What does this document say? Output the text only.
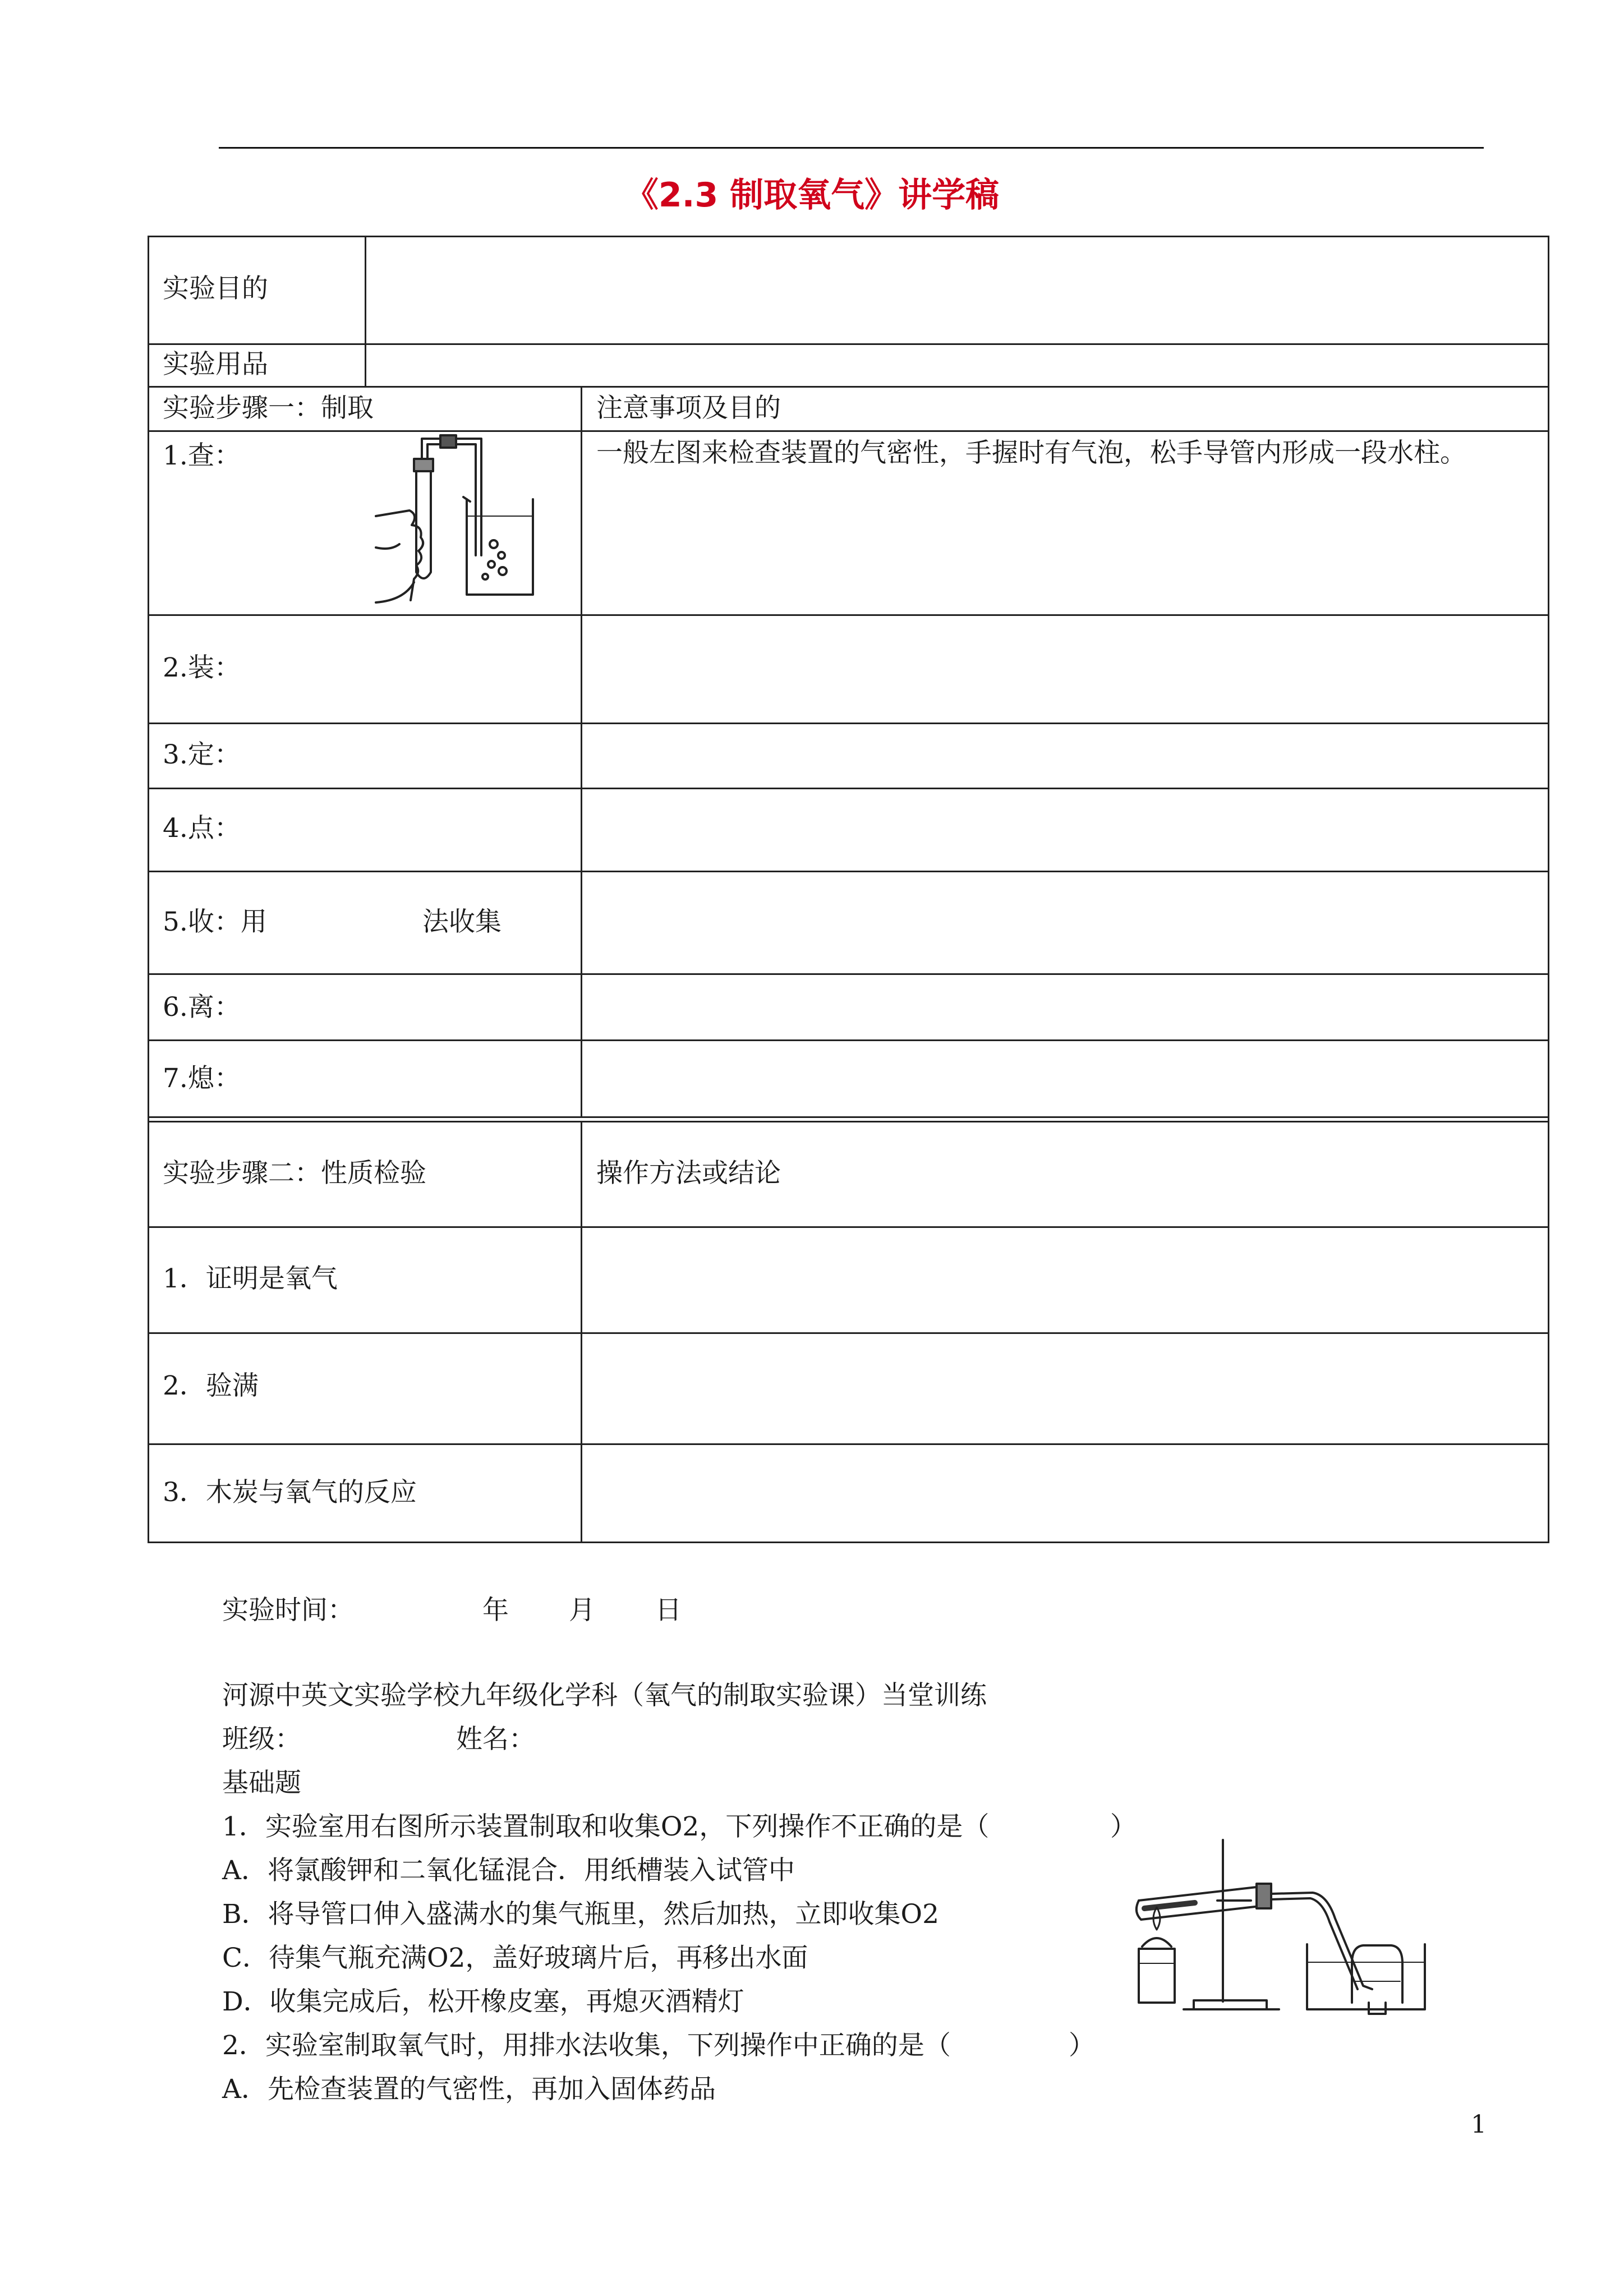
《2.3 制取氧气》讲学稿
实验目的
实验用品
实验步骤一：制取	注意事项及目的
1.查：	一般左图来检查装置的气密性，手握时有气泡，松手导管内形成一段水柱。
2.装：
3.定：
4.点：
5.收：用	法收集
6.离：
7.熄：
实验步骤二：性质检验	操作方法或结论
1．证明是氧气
2．验满
3．木炭与氧气的反应
实验时间：	年 月 日
河源中英文实验学校九年级化学科（氧气的制取实验课）当堂训练
班级：	姓名：
基础题
1．实验室用右图所示装置制取和收集O2，下列操作不正确的是（	）
A．将氯酸钾和二氧化锰混合．用纸槽装入试管中
B．将导管口伸入盛满水的集气瓶里，然后加热，立即收集O2
C．待集气瓶充满O2，盖好玻璃片后，再移出水面
D．收集完成后，松开橡皮塞，再熄灭酒精灯
2．实验室制取氧气时，用排水法收集，下列操作中正确的是（	）
A．先检查装置的气密性，再加入固体药品
1
